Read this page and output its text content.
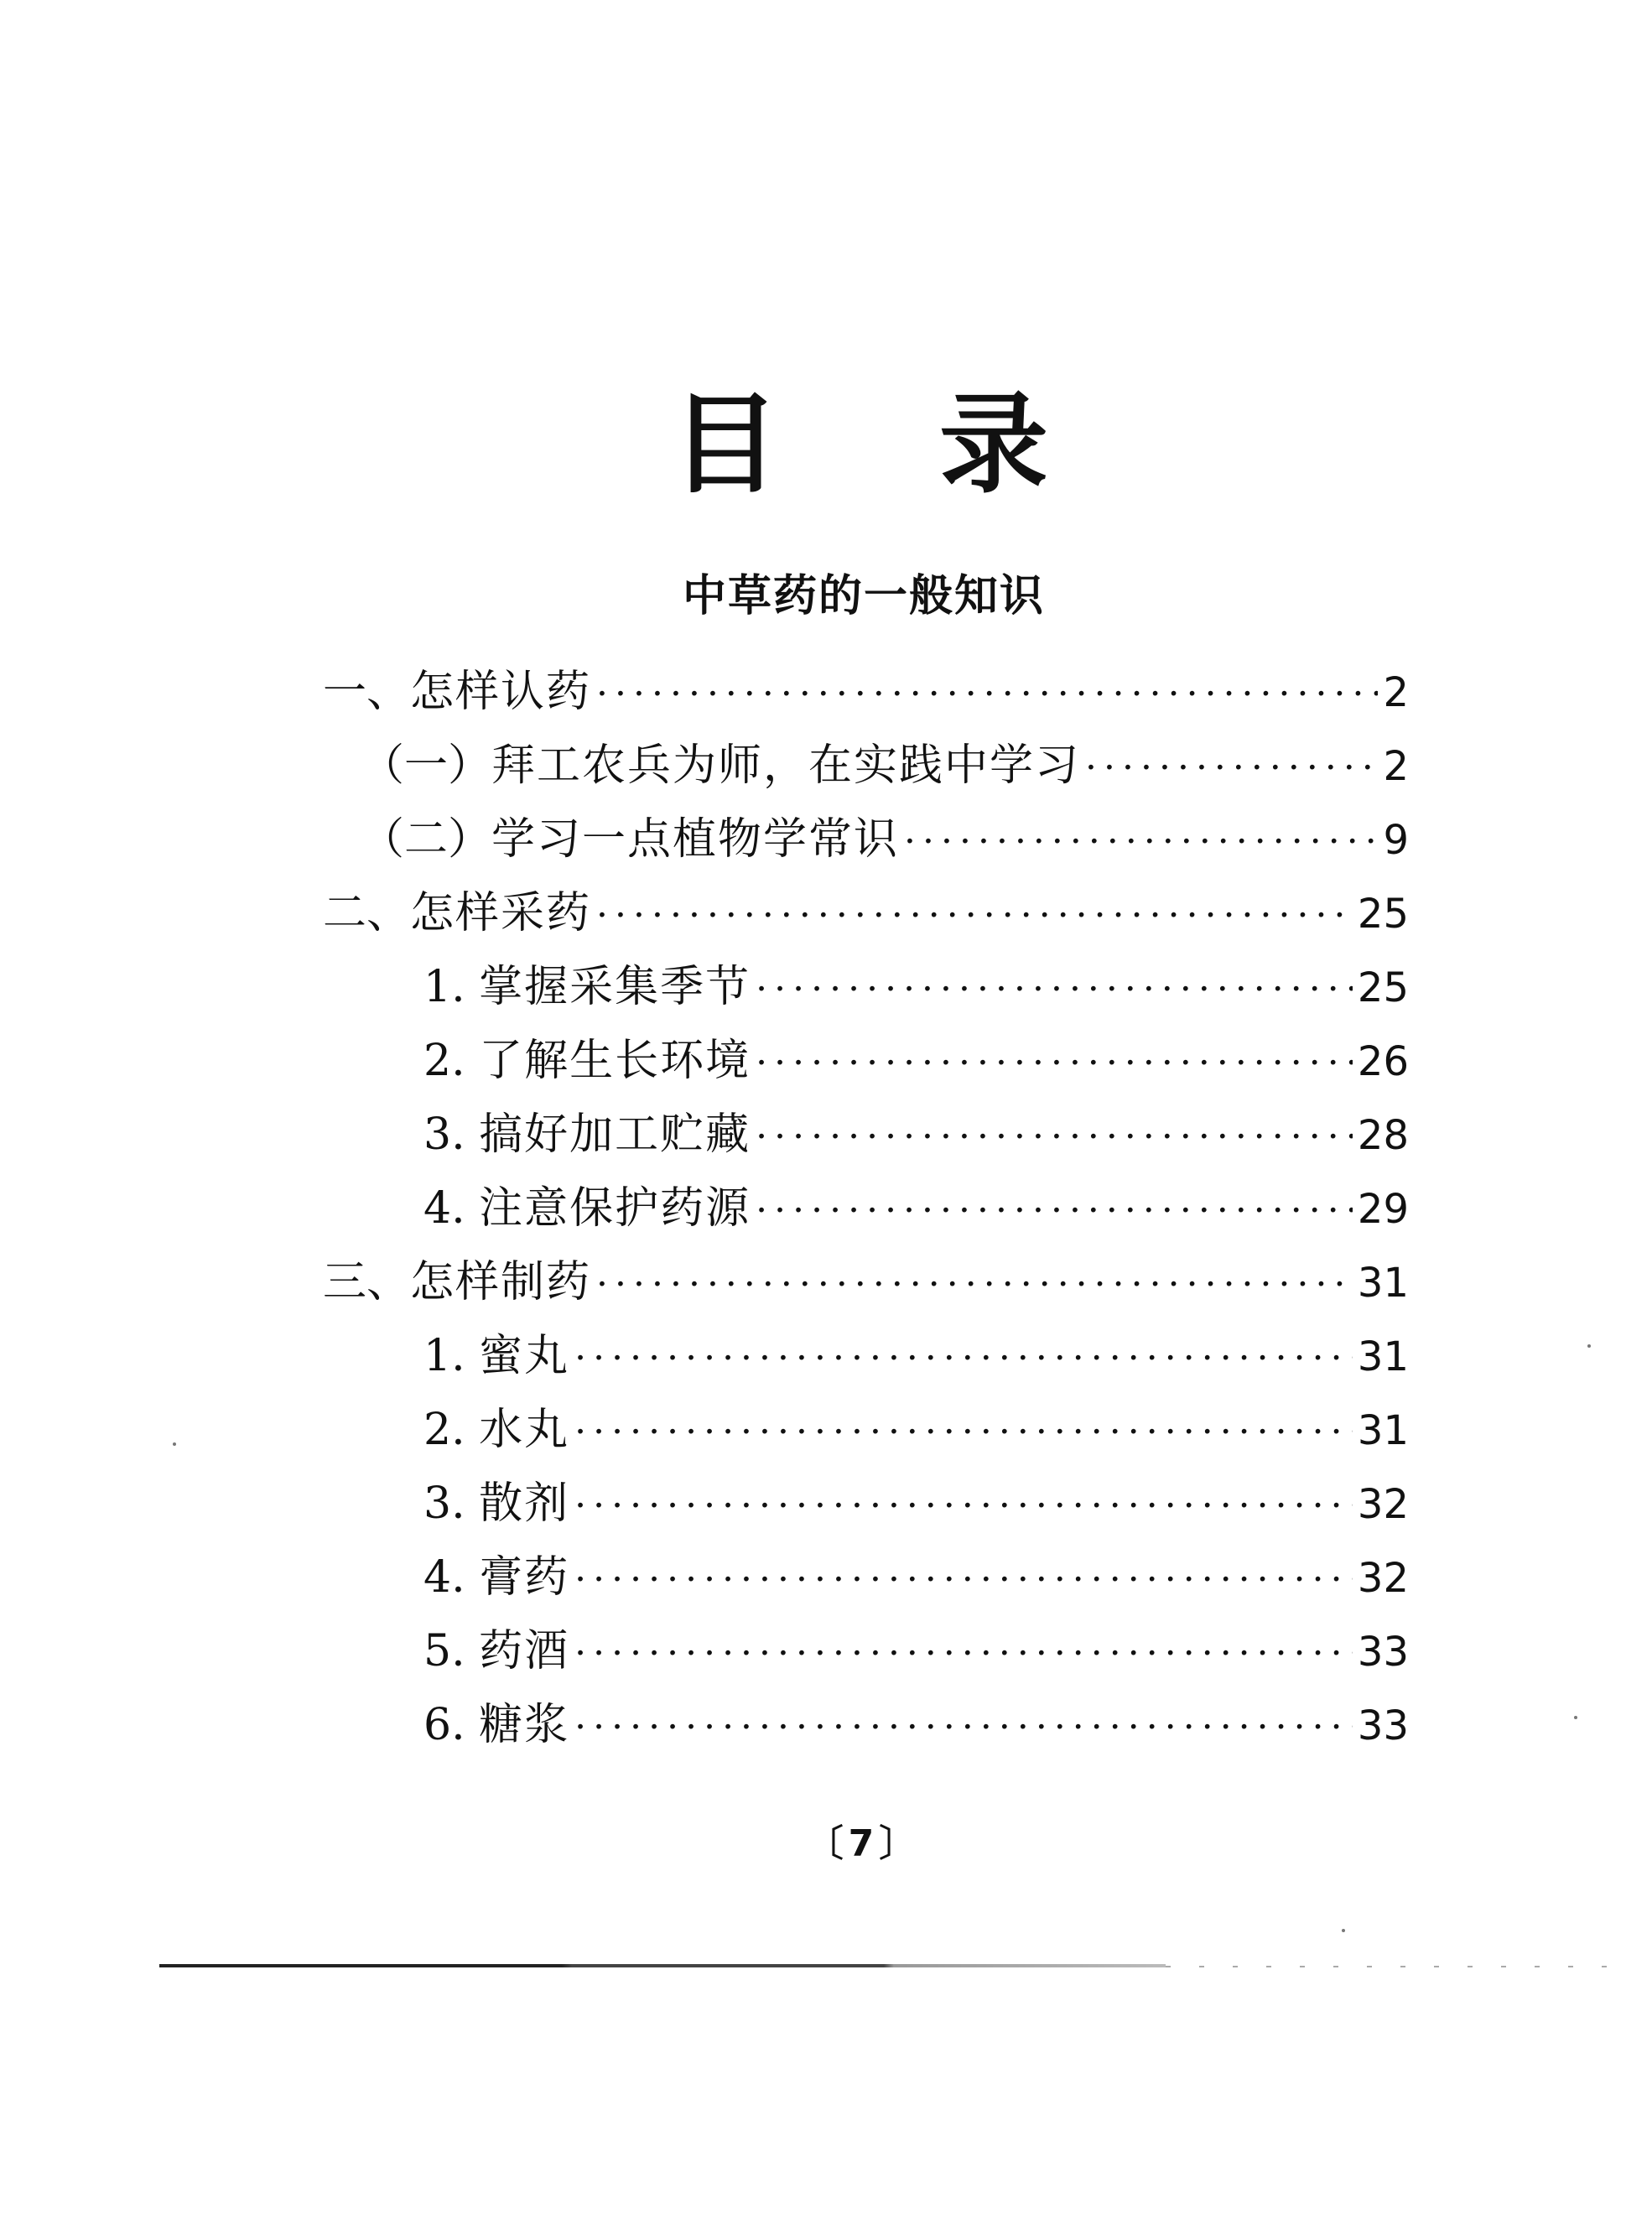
目 录
中草药的一般知识
一、 怎样认药 ·····	2
（一） 拜工农兵为师，在实践中学习 ·····	2
（二） 学习一点植物学常识 ·····	9
二、 怎样采药 ·····	25
1. 掌握采集季节 ·····	25
2. 了解生长环境 ·····	26
3. 搞好加工贮藏 ·····	28
4. 注意保护药源 ·····	29
三、 怎样制药 ·····	31
1. 蜜丸 ·····	31
2. 水丸 ·····	31
3. 散剂 ·····	32
4. 膏药 ·····	32
5. 药酒 ·····	33
6. 糖浆 ·····	33
〔7〕
